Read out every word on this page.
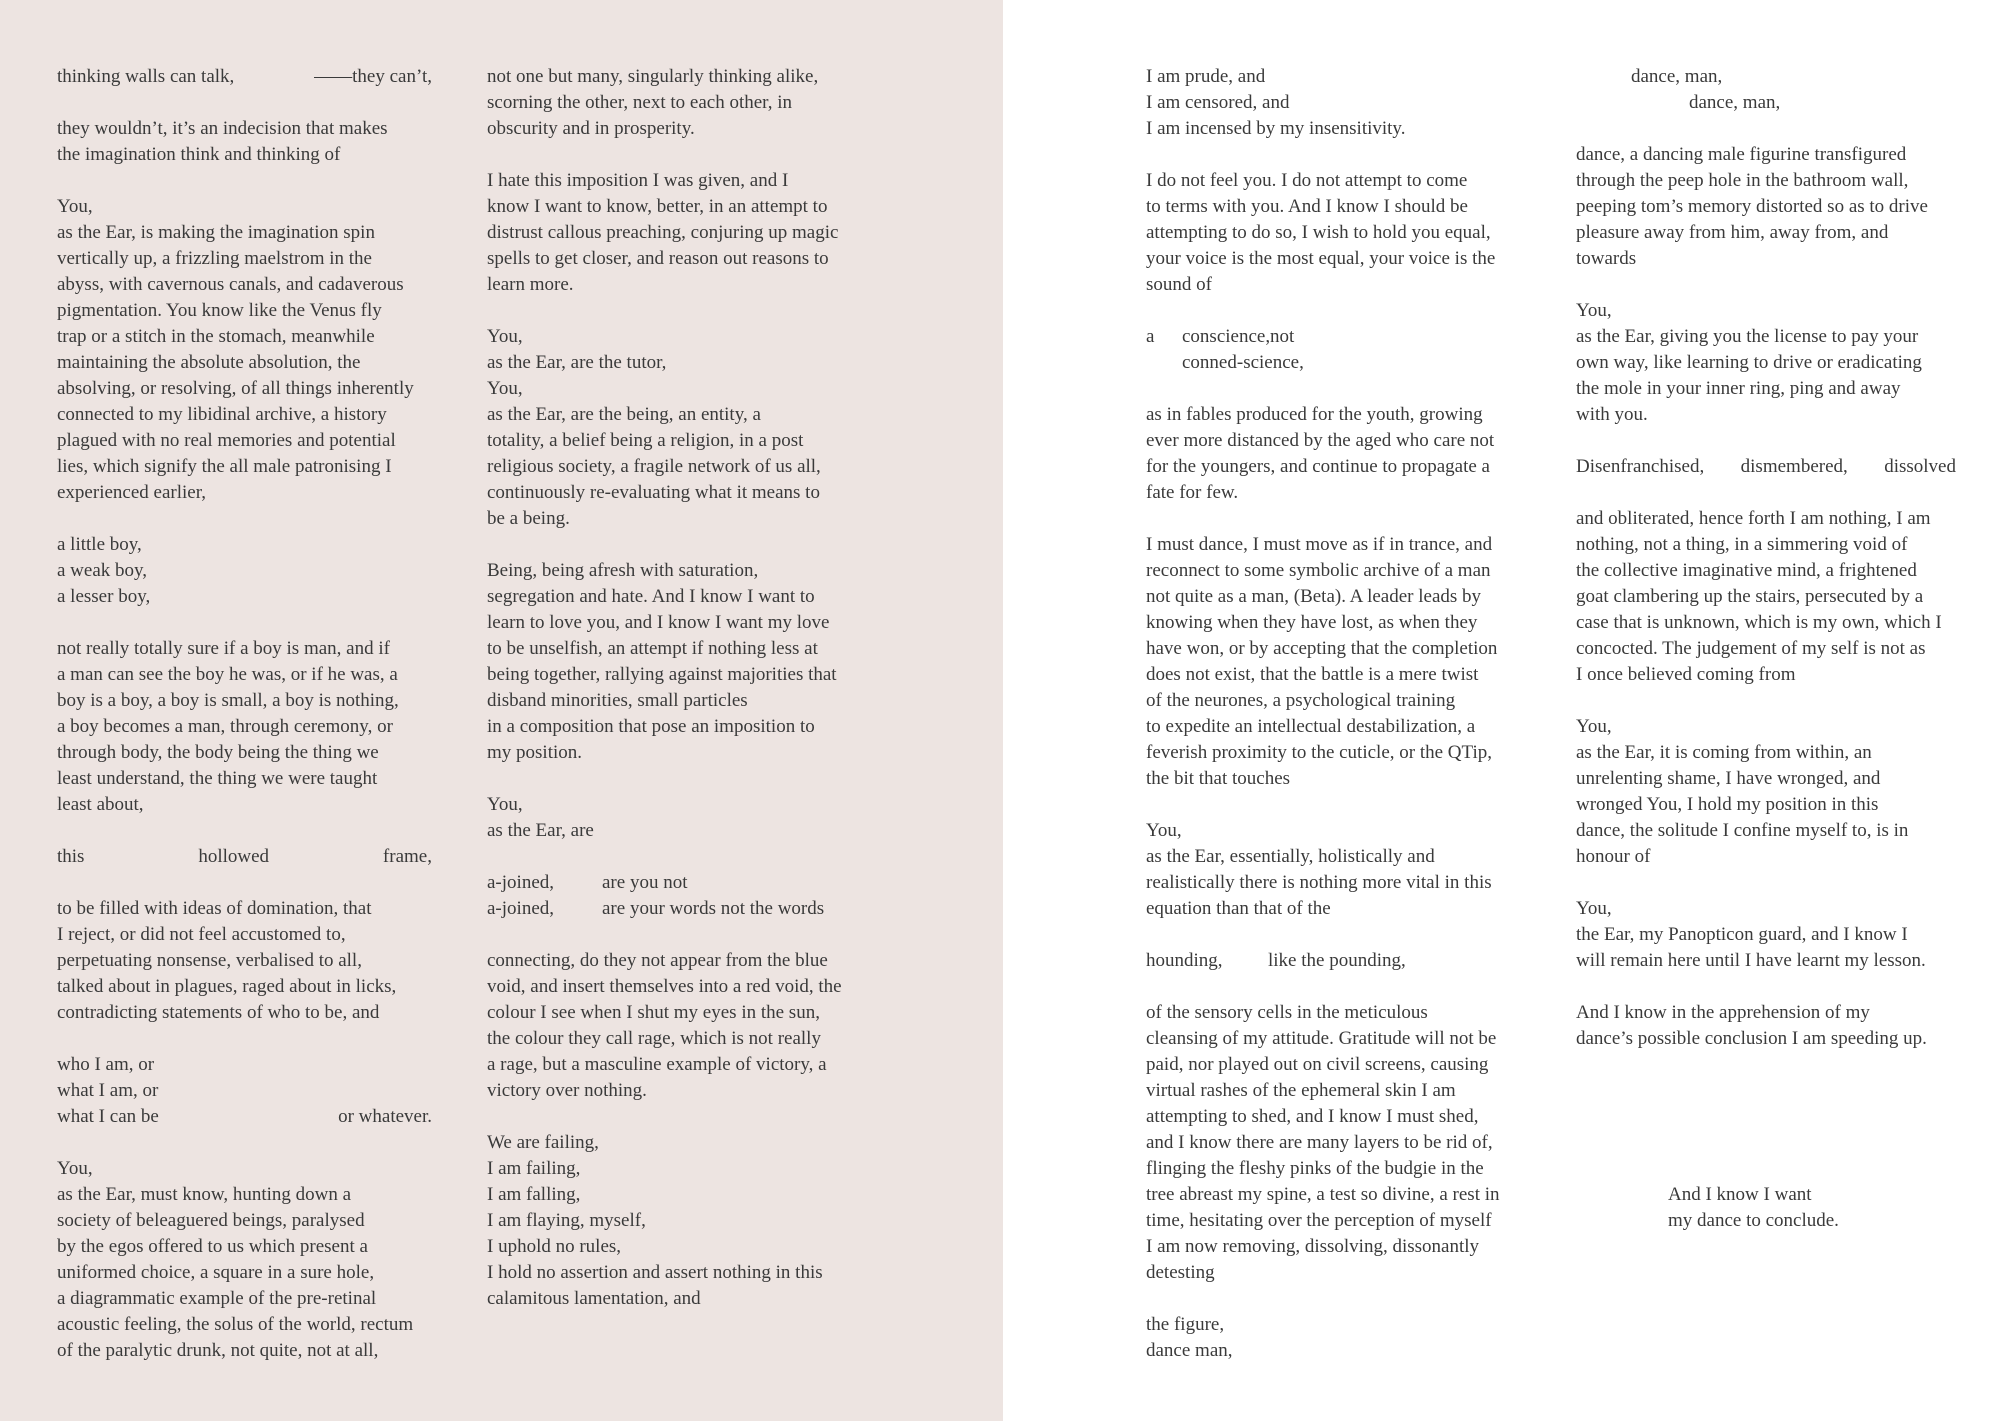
thinking walls can talk,	——they can’t,
they wouldn’t, it’s an indecision that makes
the imagination think and thinking of
You,
as the Ear, is making the imagination spin
vertically up, a frizzling maelstrom in the
abyss, with cavernous canals, and cadaverous
pigmentation. You know like the Venus fly
trap or a stitch in the stomach, meanwhile
maintaining the absolute absolution, the
absolving, or resolving, of all things inherently
connected to my libidinal archive, a history
plagued with no real memories and potential
lies, which signify the all male patronising I
experienced earlier,
a little boy,
a weak boy,
a lesser boy,
not really totally sure if a boy is man, and if
a man can see the boy he was, or if he was, a
boy is a boy, a boy is small, a boy is nothing,
a boy becomes a man, through ceremony, or
through body, the body being the thing we
least understand, the thing we were taught
least about,
this	hollowed	frame,
to be filled with ideas of domination, that
I reject, or did not feel accustomed to,
perpetuating nonsense, verbalised to all,
talked about in plagues, raged about in licks,
contradicting statements of who to be, and
who I am, or
what I am, or
what I can be	or whatever.
You,
as the Ear, must know, hunting down a
society of beleaguered beings, paralysed
by the egos offered to us which present a
uniformed choice, a square in a sure hole,
a diagrammatic example of the pre-retinal
acoustic feeling, the solus of the world, rectum
of the paralytic drunk, not quite, not at all,
not one but many, singularly thinking alike,
scorning the other, next to each other, in
obscurity and in prosperity.
I hate this imposition I was given, and I
know I want to know, better, in an attempt to
distrust callous preaching, conjuring up magic
spells to get closer, and reason out reasons to
learn more.
You,
as the Ear, are the tutor,
You,
as the Ear, are the being, an entity, a
totality, a belief being a religion, in a post
religious society, a fragile network of us all,
continuously re-evaluating what it means to
be a being.
Being, being afresh with saturation,
segregation and hate. And I know I want to
learn to love you, and I know I want my love
to be unselfish, an attempt if nothing less at
being together, rallying against majorities that
disband minorities, small particles
in a composition that pose an imposition to
my position.
You,
as the Ear, are
a-joined,	are you not
a-joined,	are your words not the words
connecting, do they not appear from the blue
void, and insert themselves into a red void, the
colour I see when I shut my eyes in the sun,
the colour they call rage, which is not really
a rage, but a masculine example of victory, a
victory over nothing.
We are failing,
I am failing,
I am falling,
I am flaying, myself,
I uphold no rules,
I hold no assertion and assert nothing in this
calamitous lamentation, and
I am prude, and
I am censored, and
I am incensed by my insensitivity.
I do not feel you. I do not attempt to come
to terms with you. And I know I should be
attempting to do so, I wish to hold you equal,
your voice is the most equal, your voice is the
sound of
a	conscience, not
conned-science,
as in fables produced for the youth, growing
ever more distanced by the aged who care not
for the youngers, and continue to propagate a
fate for few.
I must dance, I must move as if in trance, and
reconnect to some symbolic archive of a man
not quite as a man, (Beta). A leader leads by
knowing when they have lost, as when they
have won, or by accepting that the completion
does not exist, that the battle is a mere twist
of the neurones, a psychological training
to expedite an intellectual destabilization, a
feverish proximity to the cuticle, or the QTip,
the bit that touches
You,
as the Ear, essentially, holistically and
realistically there is nothing more vital in this
equation than that of the
hounding,	like the pounding,
of the sensory cells in the meticulous
cleansing of my attitude. Gratitude will not be
paid, nor played out on civil screens, causing
virtual rashes of the ephemeral skin I am
attempting to shed, and I know I must shed,
and I know there are many layers to be rid of,
flinging the fleshy pinks of the budgie in the
tree abreast my spine, a test so divine, a rest in
time, hesitating over the perception of myself
I am now removing, dissolving, dissonantly
detesting
the figure,
dance man,
dance, man,
dance, man,
dance, a dancing male figurine transfigured
through the peep hole in the bathroom wall,
peeping tom’s memory distorted so as to drive
pleasure away from him, away from, and
towards
You,
as the Ear, giving you the license to pay your
own way, like learning to drive or eradicating
the mole in your inner ring, ping and away
with you.
Disenfranchised, dismembered, dissolved
and obliterated, hence forth I am nothing, I am
nothing, not a thing, in a simmering void of
the collective imaginative mind, a frightened
goat clambering up the stairs, persecuted by a
case that is unknown, which is my own, which I
concocted. The judgement of my self is not as
I once believed coming from
You,
as the Ear, it is coming from within, an
unrelenting shame, I have wronged, and
wronged You, I hold my position in this
dance, the solitude I confine myself to, is in
honour of
You,
the Ear, my Panopticon guard, and I know I
will remain here until I have learnt my lesson.
And I know in the apprehension of my
dance’s possible conclusion I am speeding up.
And I know I want
my dance to conclude.
